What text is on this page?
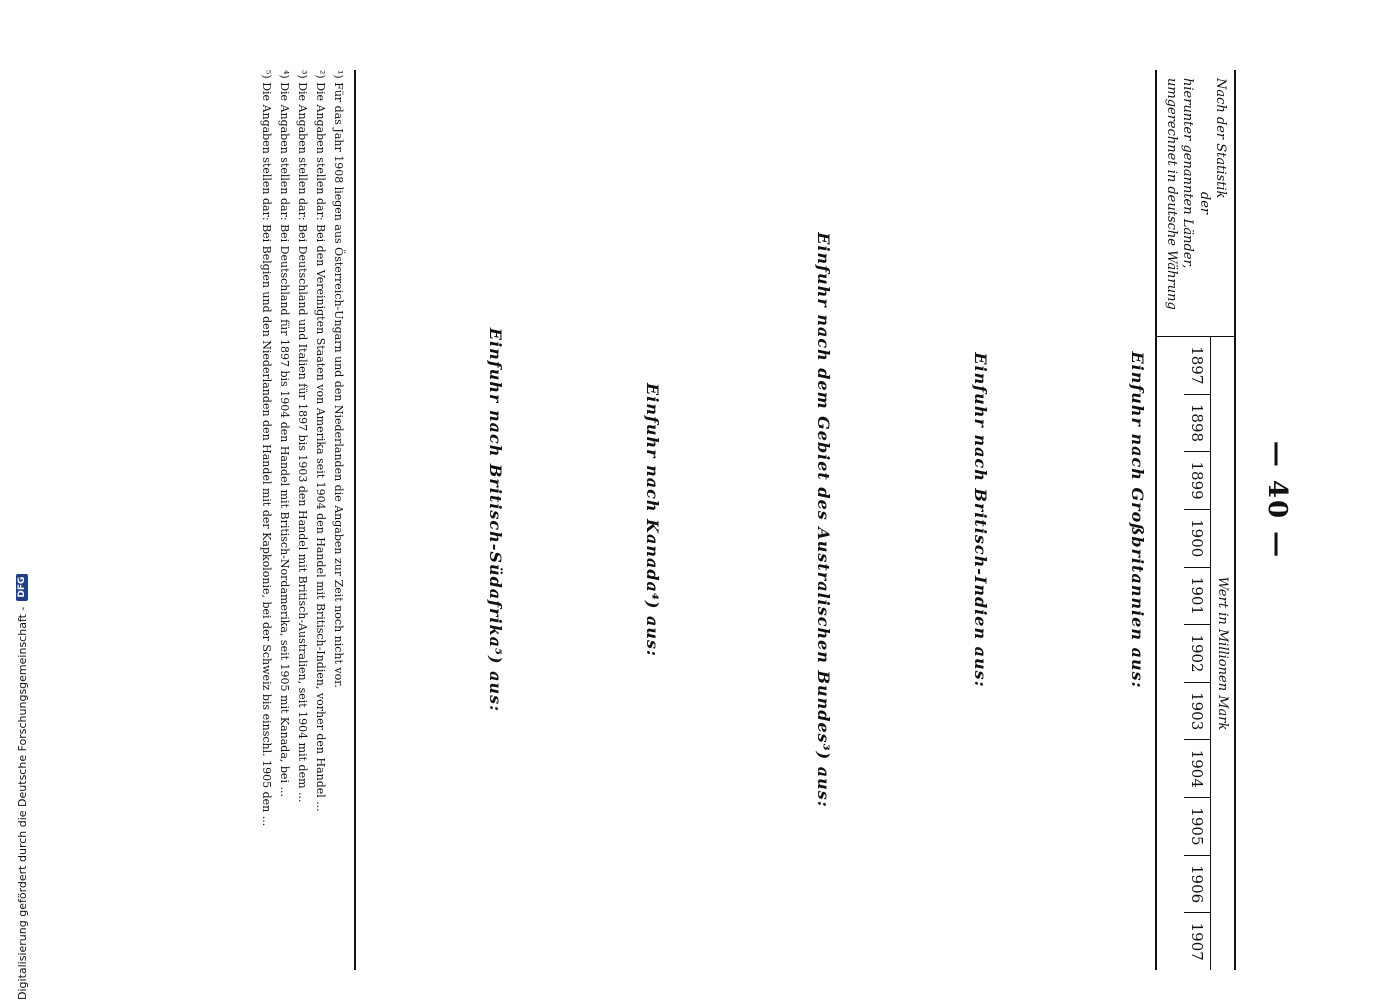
— 40 —
Nach der Statistik
der
hierunter genannten Länder,
umgerechnet in deutsche Währung
Wert in Millionen Mark
1897
1898
1899
1900
1901
1902
1903
1904
1905
1906
1907
Einfuhr nach Großbritannien aus:
Einfuhr nach Britisch-Indien aus:
Einfuhr nach dem Gebiet des Australischen Bundes³) aus:
Einfuhr nach Kanada⁴) aus:
Einfuhr nach Britisch-Südafrika⁵) aus:
¹) Für das Jahr 1908 liegen aus Österreich-Ungarn und den Niederlanden die Angaben zur Zeit noch nicht vor.
²) Die Angaben stellen dar: Bei den Vereinigten Staaten von Amerika seit 1904 den Handel mit Britisch-Indien, vorher den Handel ...
³) Die Angaben stellen dar: Bei Deutschland und Italien für 1897 bis 1903 den Handel mit Britisch-Australien, seit 1904 mit dem ...
⁴) Die Angaben stellen dar: Bei Deutschland für 1897 bis 1904 den Handel mit Britisch-Nordamerika, seit 1905 mit Kanada, bei ...
⁵) Die Angaben stellen dar: Bei Belgien und den Niederlanden den Handel mit der Kapkolonie, bei der Schweiz bis einschl. 1905 den ...
Digitalisierung gefördert durch die Deutsche Forschungsgemeinschaft -
DFG
